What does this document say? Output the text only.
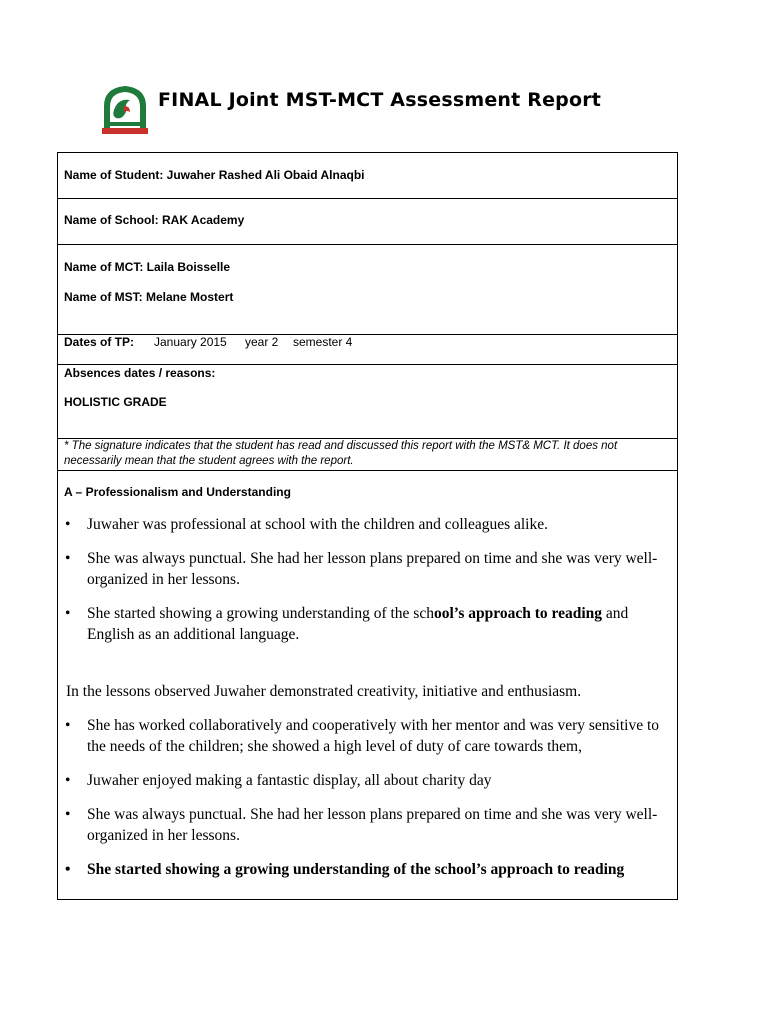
FINAL Joint MST-MCT Assessment Report
Name of Student: Juwaher Rashed Ali Obaid Alnaqbi
Name of School: RAK Academy
Name of MCT: Laila Boisselle
Name of MST: Melane Mostert
Dates of TP: January 2015 year 2 semester 4
Absences dates / reasons:
HOLISTIC GRADE
* The signature indicates that the student has read and discussed this report with the MST& MCT. It does not necessarily mean that the student agrees with the report.
A – Professionalism and Understanding

• Juwaher was professional at school with the children and colleagues alike.

• She was always punctual. She had her lesson plans prepared on time and she was very well-organized in her lessons.

• She started showing a growing understanding of the school’s approach to reading and English as an additional language.

In the lessons observed Juwaher demonstrated creativity, initiative and enthusiasm.

• She has worked collaboratively and cooperatively with her mentor and was very sensitive to the needs of the children; she showed a high level of duty of care towards them,

• Juwaher enjoyed making a fantastic display, all about charity day

• She was always punctual. She had her lesson plans prepared on time and she was very well-organized in her lessons.

• She started showing a growing understanding of the school’s approach to reading
